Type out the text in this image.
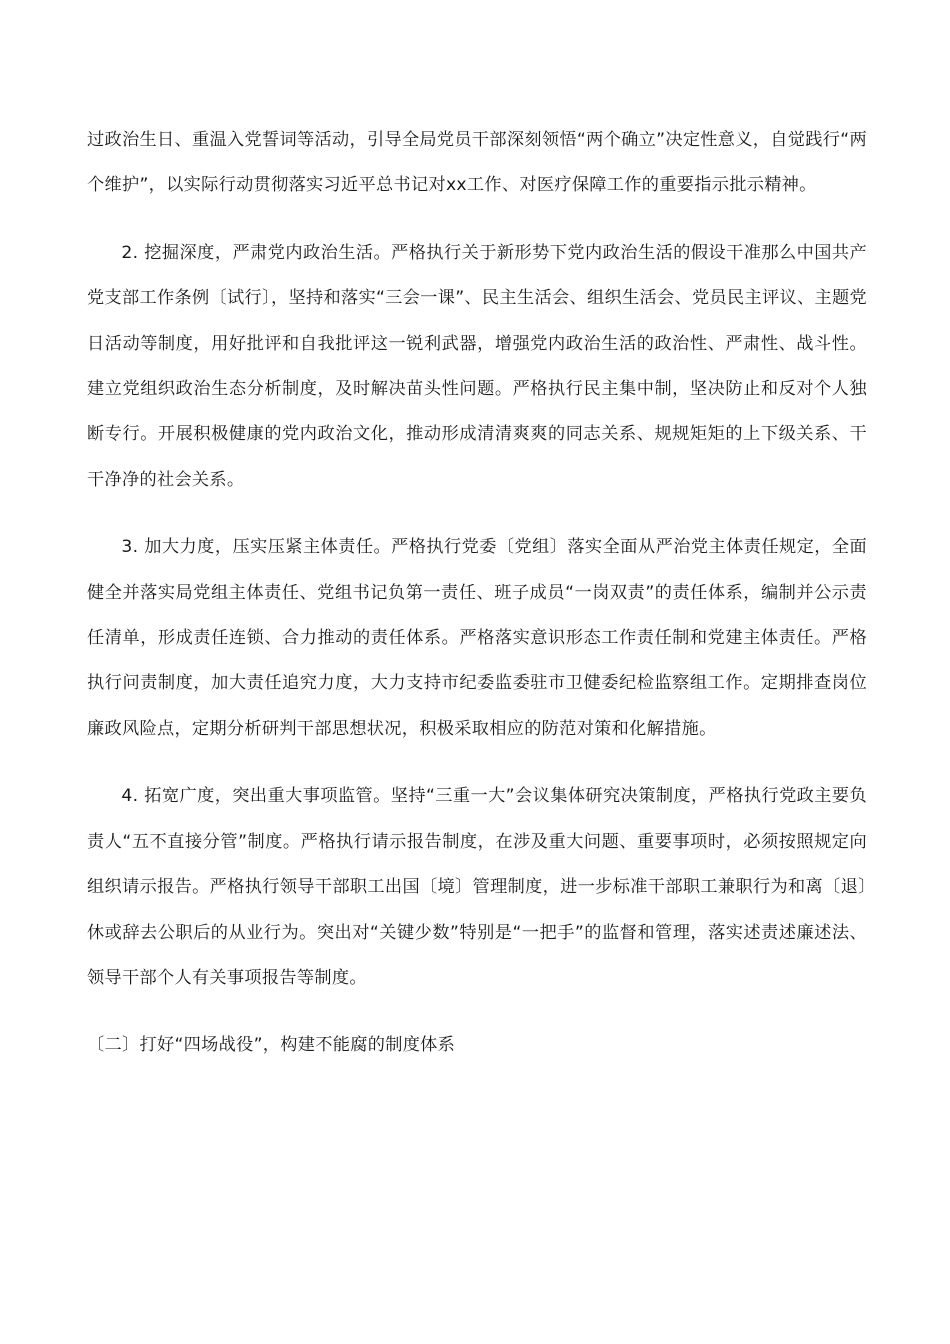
过政治生日、重温入党誓词等活动，引导全局党员干部深刻领悟“两个确立”决定性意义，自觉践行“两个维护”，以实际行动贯彻落实习近平总书记对xx工作、对医疗保障工作的重要指示批示精神。

2. 挖掘深度，严肃党内政治生活。严格执行关于新形势下党内政治生活的假设干准那么中国共产党支部工作条例〔试行〕，坚持和落实“三会一课”、民主生活会、组织生活会、党员民主评议、主题党日活动等制度，用好批评和自我批评这一锐利武器，增强党内政治生活的政治性、严肃性、战斗性。建立党组织政治生态分析制度，及时解决苗头性问题。严格执行民主集中制，坚决防止和反对个人独断专行。开展积极健康的党内政治文化，推动形成清清爽爽的同志关系、规规矩矩的上下级关系、干干净净的社会关系。

3. 加大力度，压实压紧主体责任。严格执行党委〔党组〕落实全面从严治党主体责任规定，全面健全并落实局党组主体责任、党组书记负第一责任、班子成员“一岗双责”的责任体系，编制并公示责任清单，形成责任连锁、合力推动的责任体系。严格落实意识形态工作责任制和党建主体责任。严格执行问责制度，加大责任追究力度，大力支持市纪委监委驻市卫健委纪检监察组工作。定期排查岗位廉政风险点，定期分析研判干部思想状况，积极采取相应的防范对策和化解措施。

4. 拓宽广度，突出重大事项监管。坚持“三重一大”会议集体研究决策制度，严格执行党政主要负责人“五不直接分管”制度。严格执行请示报告制度，在涉及重大问题、重要事项时，必须按照规定向组织请示报告。严格执行领导干部职工出国〔境〕管理制度，进一步标准干部职工兼职行为和离〔退〕休或辞去公职后的从业行为。突出对“关键少数”特别是“一把手”的监督和管理，落实述责述廉述法、领导干部个人有关事项报告等制度。

〔二〕打好“四场战役”，构建不能腐的制度体系
